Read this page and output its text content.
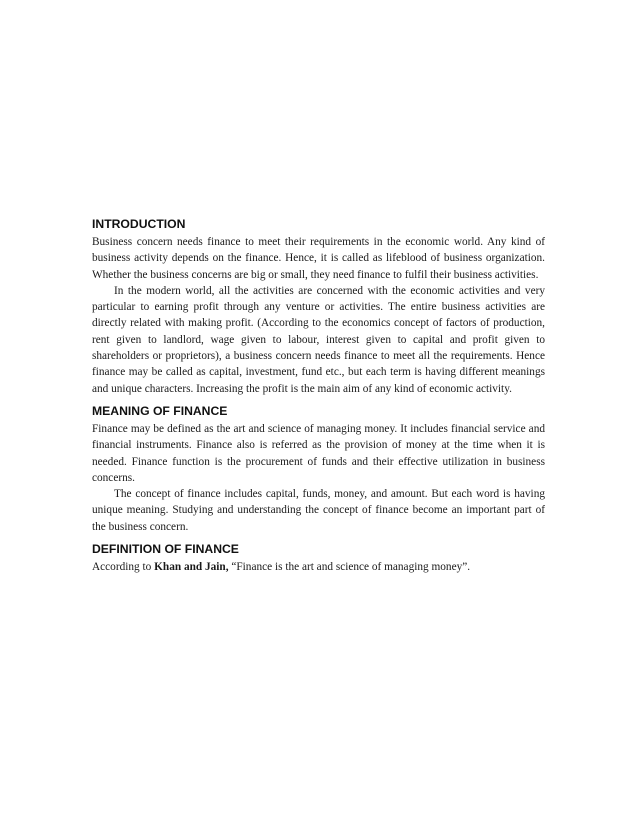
INTRODUCTION

Business concern needs finance to meet their requirements in the economic world. Any kind of business activity depends on the finance. Hence, it is called as lifeblood of business organization. Whether the business concerns are big or small, they need finance to fulfil their business activities.

In the modern world, all the activities are concerned with the economic activities and very particular to earning profit through any venture or activities. The entire business activities are directly related with making profit. (According to the economics concept of factors of production, rent given to landlord, wage given to labour, interest given to capital and profit given to shareholders or proprietors), a business concern needs finance to meet all the requirements. Hence finance may be called as capital, investment, fund etc., but each term is having different meanings and unique characters. Increasing the profit is the main aim of any kind of economic activity.

MEANING OF FINANCE

Finance may be defined as the art and science of managing money. It includes financial service and financial instruments. Finance also is referred as the provision of money at the time when it is needed. Finance function is the procurement of funds and their effective utilization in business concerns.

The concept of finance includes capital, funds, money, and amount. But each word is having unique meaning. Studying and understanding the concept of finance become an important part of the business concern.

DEFINITION OF FINANCE

According to Khan and Jain, “Finance is the art and science of managing money”.
